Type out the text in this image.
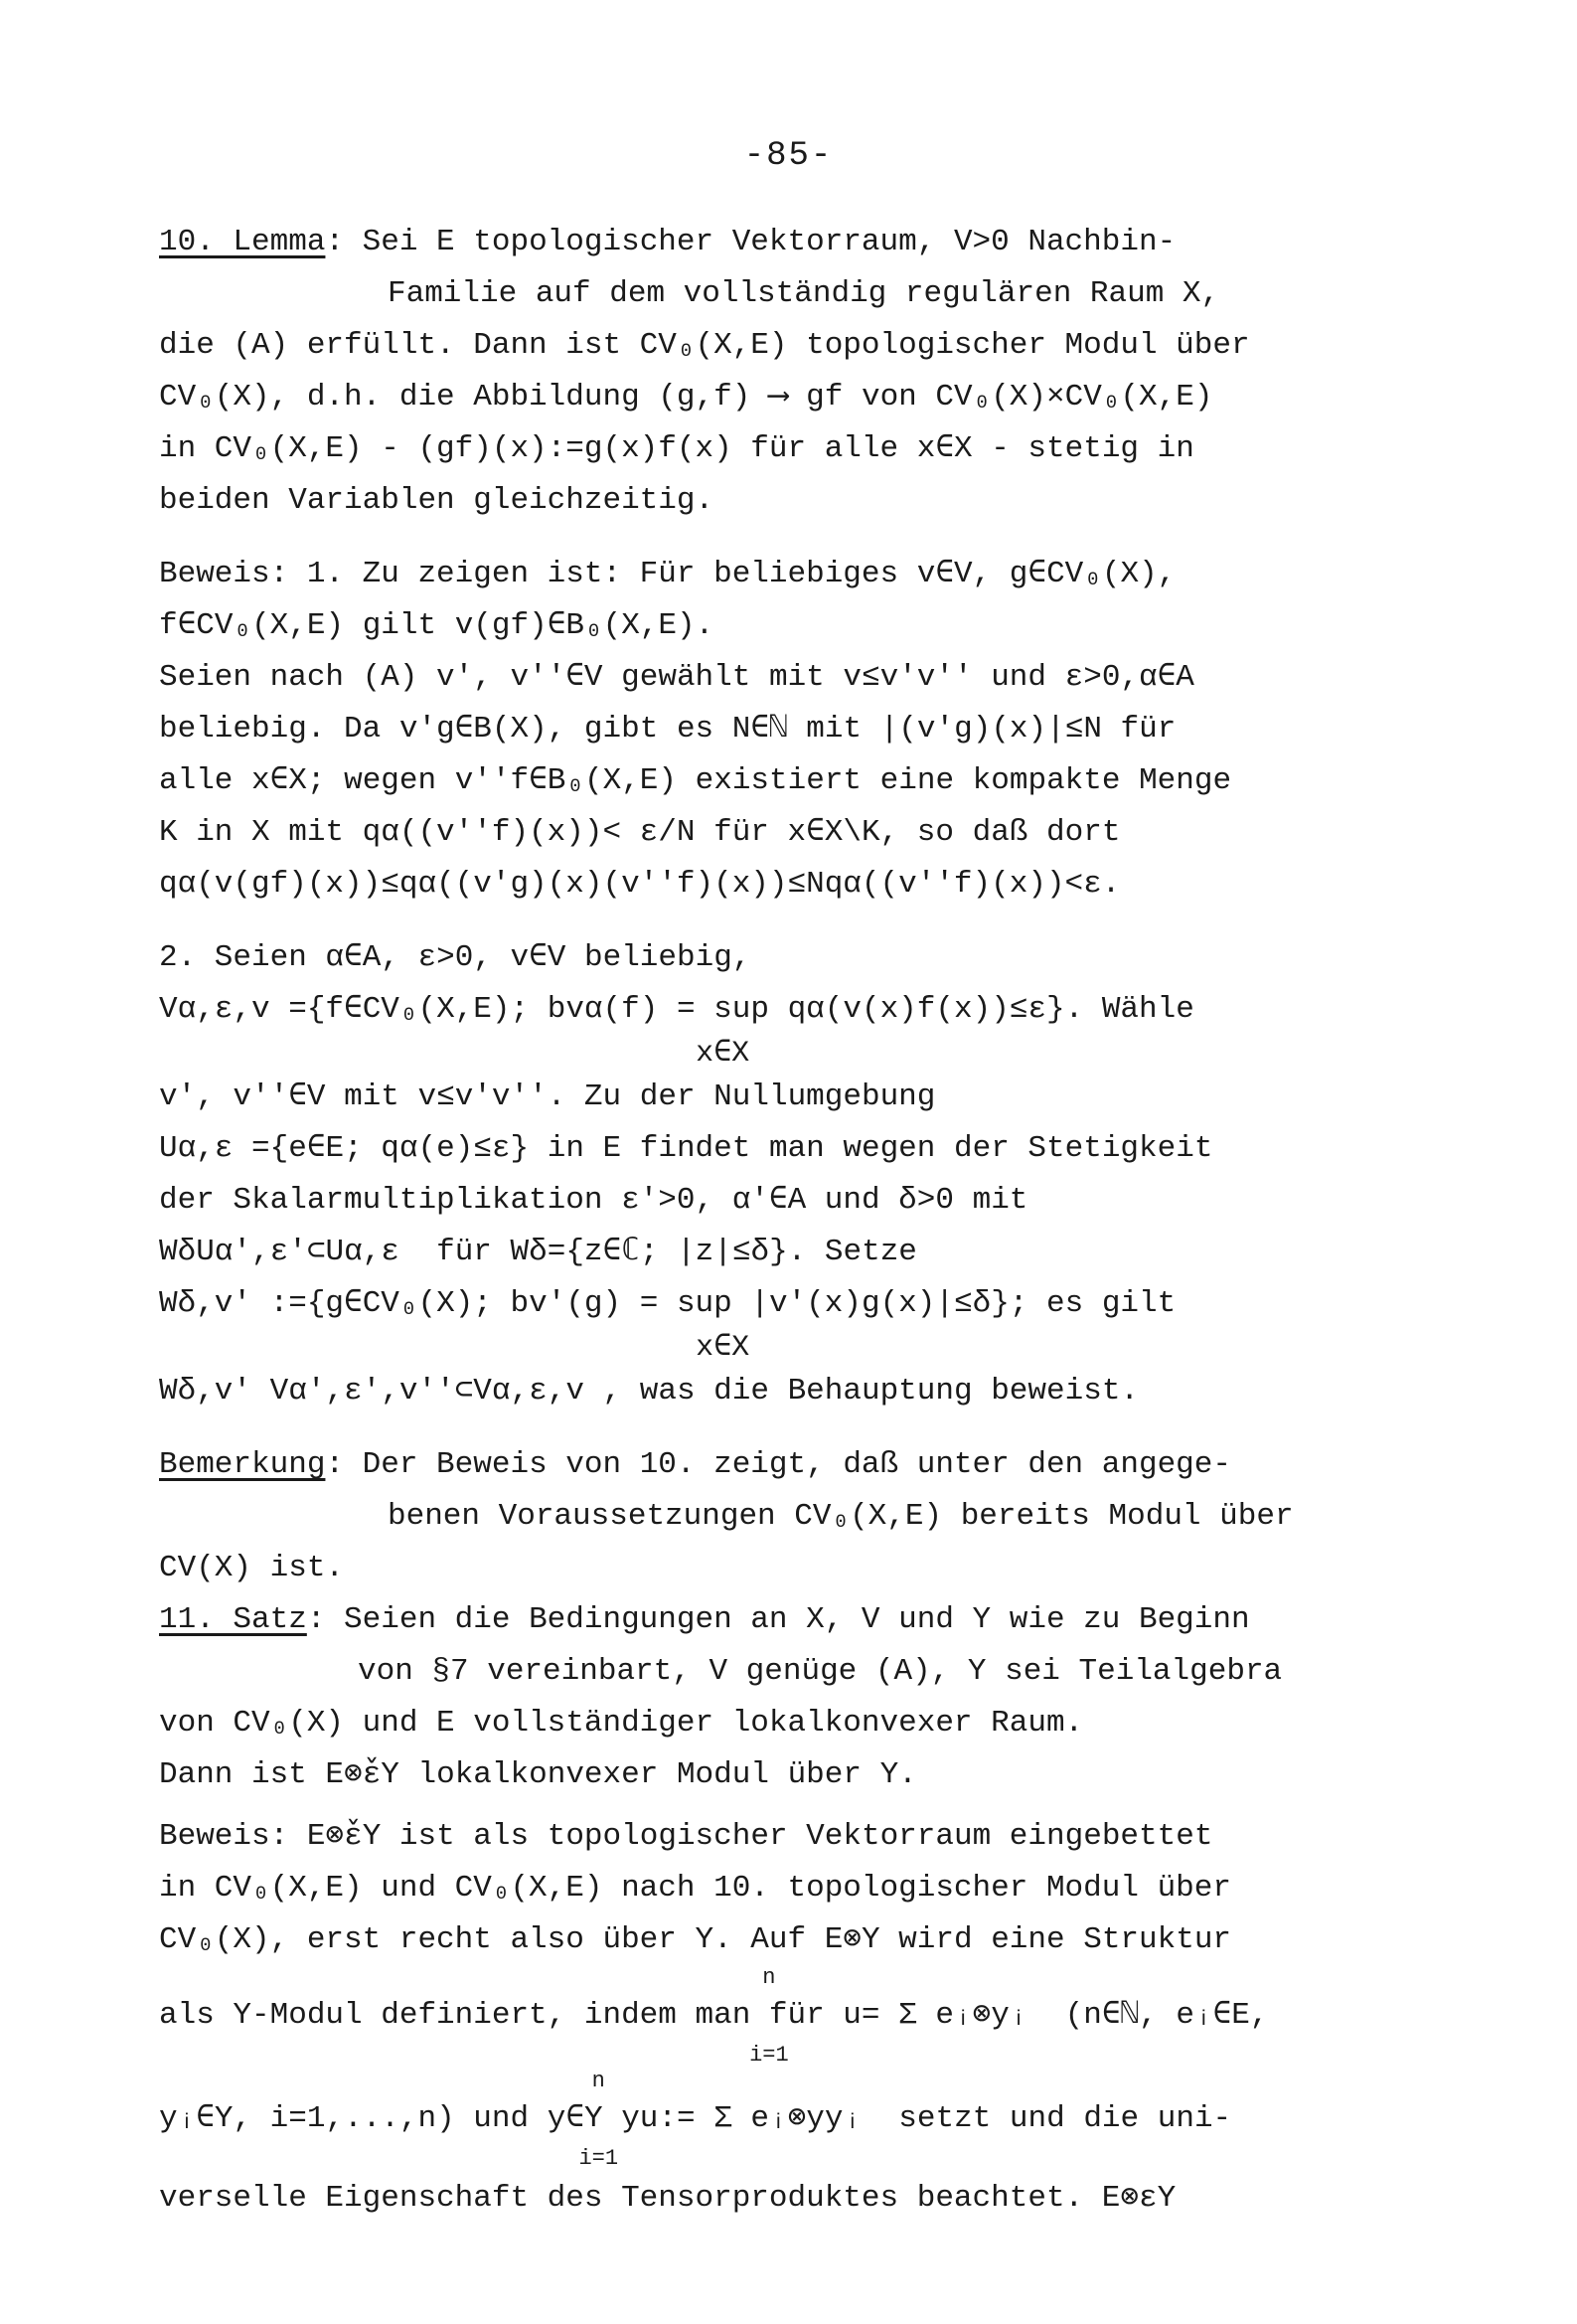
-85-

10. Lemma: Sei E topologischer Vektorraum, V>0 Nachbin-

Familie auf dem vollständig regulären Raum X,

die (A) erfüllt. Dann ist CV₀(X,E) topologischer Modul über

CV₀(X), d.h. die Abbildung (g,f) ⟶ gf von CV₀(X)×CV₀(X,E)

in CV₀(X,E) - (gf)(x):=g(x)f(x) für alle x∈X - stetig in

beiden Variablen gleichzeitig.

Beweis: 1. Zu zeigen ist: Für beliebiges v∈V, g∈CV₀(X),

f∈CV₀(X,E) gilt v(gf)∈B₀(X,E).

Seien nach (A) v', v''∈V gewählt mit v≤v'v'' und ε>0,α∈A

beliebig. Da v'g∈B(X), gibt es N∈ℕ mit |(v'g)(x)|≤N für

alle x∈X; wegen v''f∈B₀(X,E) existiert eine kompakte Menge

K in X mit qα((v''f)(x))< ε/N für x∈X\K, so daß dort

qα(v(gf)(x))≤qα((v'g)(x)(v''f)(x))≤Nqα((v''f)(x))<ε.

2. Seien α∈A, ε>0, v∈V beliebig,

Vα,ε,v ={f∈CV₀(X,E); bvα(f) = sup qα(v(x)f(x))≤ε}. Wähle

x∈X

v', v''∈V mit v≤v'v''. Zu der Nullumgebung

Uα,ε ={e∈E; qα(e)≤ε} in E findet man wegen der Stetigkeit

der Skalarmultiplikation ε'>0, α'∈A und δ>0 mit

WδUα',ε'⊂Uα,ε  für Wδ={z∈ℂ; |z|≤δ}. Setze

Wδ,v' :={g∈CV₀(X); bv'(g) = sup |v'(x)g(x)|≤δ}; es gilt

x∈X

Wδ,v' Vα',ε',v''⊂Vα,ε,v , was die Behauptung beweist.

Bemerkung: Der Beweis von 10. zeigt, daß unter den angege-

benen Voraussetzungen CV₀(X,E) bereits Modul über

CV(X) ist.

11. Satz: Seien die Bedingungen an X, V und Y wie zu Beginn

von §7 vereinbart, V genüge (A), Y sei Teilalgebra

von CV₀(X) und E vollständiger lokalkonvexer Raum.

Dann ist E⊗̌εY lokalkonvexer Modul über Y.

Beweis: E⊗̌εY ist als topologischer Vektorraum eingebettet

in CV₀(X,E) und CV₀(X,E) nach 10. topologischer Modul über

CV₀(X), erst recht also über Y. Auf E⊗Y wird eine Struktur

n

als Y-Modul definiert, indem man für u= Σ eᵢ⊗yᵢ  (n∈ℕ, eᵢ∈E,

i=1

n

yᵢ∈Y, i=1,...,n) und y∈Y yu:= Σ eᵢ⊗yyᵢ  setzt und die uni-

i=1

verselle Eigenschaft des Tensorproduktes beachtet. E⊗εY
